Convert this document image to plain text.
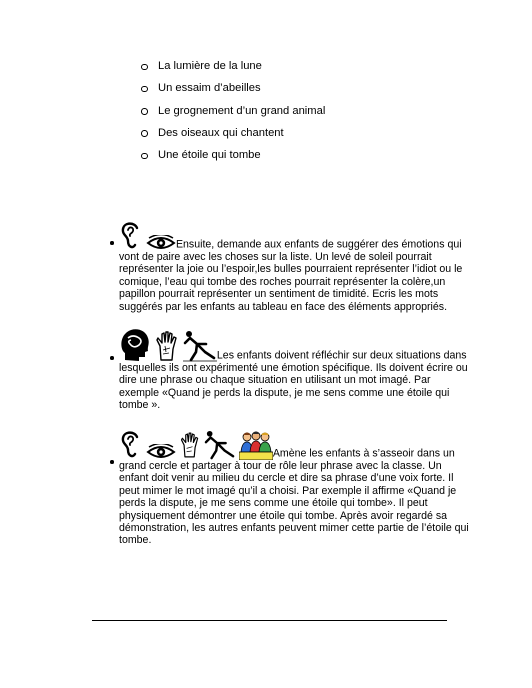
La lumière de la lune
Un essaim d’abeilles
Le grognement d’un grand animal
Des oiseaux qui chantent
Une étoile qui tombe
Ensuite, demande aux enfants de suggérer des émotions qui vont de paire avec les choses sur la liste. Un levé de soleil pourrait représenter la joie ou l’espoir,les bulles pourraient représenter l’idiot ou le comique, l’eau qui tombe des roches pourrait représenter la colère,un papillon pourrait représenter un sentiment de timidité. Ecris les mots suggérés par les enfants au tableau en face des éléments appropriés.
Les enfants doivent réfléchir sur deux situations dans lesquelles ils ont expérimenté une émotion spécifique. Ils doivent écrire ou dire une phrase ou chaque situation en utilisant un mot imagé. Par exemple «Quand je perds la dispute, je me sens comme une étoile qui tombe ».
Amène les enfants à s’asseoir dans un grand cercle et partager à tour de rôle leur phrase avec la classe. Un enfant doit venir au milieu du cercle et dire sa phrase d’une voix forte. Il peut mimer le mot imagé qu’il a choisi. Par exemple il affirme «Quand je perds la dispute, je me sens comme une étoile qui tombe». Il peut physiquement démontrer une étoile qui tombe. Après avoir regardé sa démonstration, les autres enfants peuvent mimer cette partie de l’étoile qui tombe.
